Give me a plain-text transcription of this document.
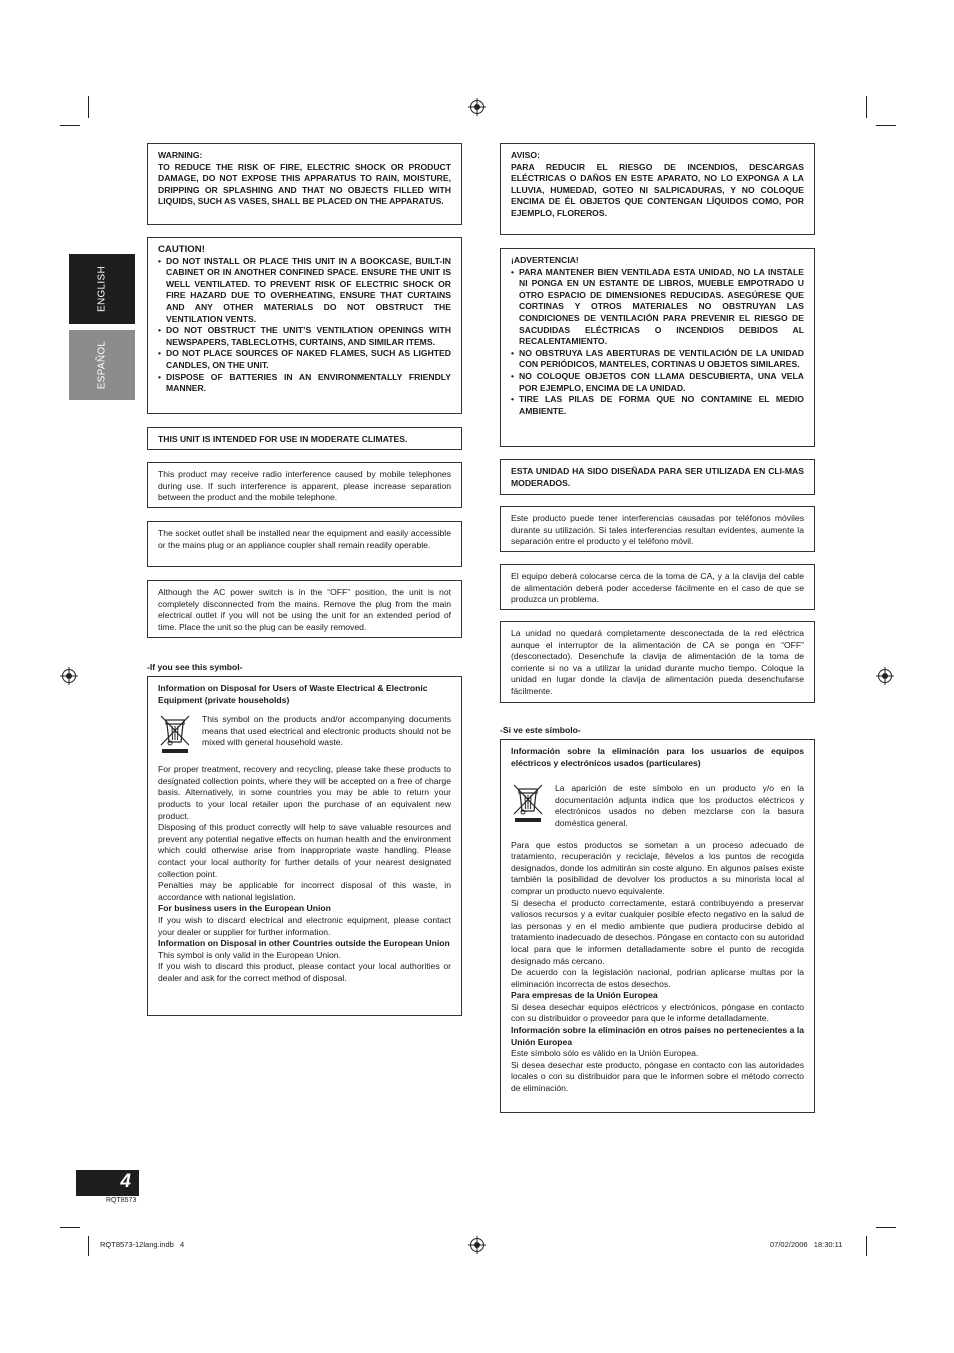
ENGLISH
ESPAÑOL

WARNING:

TO REDUCE THE RISK OF FIRE, ELECTRIC SHOCK OR PRODUCT DAMAGE, DO NOT EXPOSE THIS APPARATUS TO RAIN, MOISTURE, DRIPPING OR SPLASHING AND THAT NO OBJECTS FILLED WITH LIQUIDS, SUCH AS VASES, SHALL BE PLACED ON THE APPARATUS.

CAUTION!

• DO NOT INSTALL OR PLACE THIS UNIT IN A BOOKCASE, BUILT-IN CABINET OR IN ANOTHER CONFINED SPACE. ENSURE THE UNIT IS WELL VENTILATED. TO PREVENT RISK OF ELECTRIC SHOCK OR FIRE HAZARD DUE TO OVERHEATING, ENSURE THAT CURTAINS AND ANY OTHER MATERIALS DO NOT OBSTRUCT THE VENTILATION VENTS.
• DO NOT OBSTRUCT THE UNIT’S VENTILATION OPENINGS WITH NEWSPAPERS, TABLECLOTHS, CURTAINS, AND SIMILAR ITEMS.
• DO NOT PLACE SOURCES OF NAKED FLAMES, SUCH AS LIGHTED CANDLES, ON THE UNIT.
• DISPOSE OF BATTERIES IN AN ENVIRONMENTALLY FRIENDLY MANNER.

THIS UNIT IS INTENDED FOR USE IN MODERATE CLIMATES.

This product may receive radio interference caused by mobile telephones during use. If such interference is apparent, please increase separation between the product and the mobile telephone.

The socket outlet shall be installed near the equipment and easily accessible or the mains plug or an appliance coupler shall remain readily operable.

Although the AC power switch is in the “OFF” position, the unit is not completely disconnected from the mains. Remove the plug from the main electrical outlet if you will not be using the unit for an extended period of time. Place the unit so the plug can be easily removed.

-If you see this symbol-

Information on Disposal for Users of Waste Electrical & Electronic Equipment (private households)

This symbol on the products and/or accompanying documents means that used electrical and electronic products should not be mixed with general household waste.

For proper treatment, recovery and recycling, please take these products to designated collection points, where they will be accepted on a free of charge basis. Alternatively, in some countries you may be able to return your products to your local retailer upon the purchase of an equivalent new product.

Disposing of this product correctly will help to save valuable resources and prevent any potential negative effects on human health and the environment which could otherwise arise from inappropriate waste handling. Please contact your local authority for further details of your nearest designated collection point.

Penalties may be applicable for incorrect disposal of this waste, in accordance with national legislation.

For business users in the European Union

If you wish to discard electrical and electronic equipment, please contact your dealer or supplier for further information.

Information on Disposal in other Countries outside the European Union

This symbol is only valid in the European Union.

If you wish to discard this product, please contact your local authorities or dealer and ask for the correct method of disposal.

AVISO:

PARA REDUCIR EL RIESGO DE INCENDIOS, DESCARGAS ELÉCTRICAS O DAÑOS EN ESTE APARATO, NO LO EXPONGA A LA LLUVIA, HUMEDAD, GOTEO NI SALPICADURAS, Y NO COLOQUE ENCIMA DE ÉL OBJETOS QUE CONTENGAN LÍQUIDOS COMO, POR EJEMPLO, FLOREROS.

¡ADVERTENCIA!

• PARA MANTENER BIEN VENTILADA ESTA UNIDAD, NO LA INSTALE NI PONGA EN UN ESTANTE DE LIBROS, MUEBLE EMPOTRADO U OTRO ESPACIO DE DIMENSIONES REDUCIDAS. ASEGÚRESE QUE CORTINAS Y OTROS MATERIALES NO OBSTRUYAN LAS CONDICIONES DE VENTILACIÓN PARA PREVENIR EL RIESGO DE SACUDIDAS ELÉCTRICAS O INCENDIOS DEBIDOS AL RECALENTAMIENTO.
• NO OBSTRUYA LAS ABERTURAS DE VENTILACIÓN DE LA UNIDAD CON PERIÓDICOS, MANTELES, CORTINAS U OBJETOS SIMILARES.
• NO COLOQUE OBJETOS CON LLAMA DESCUBIERTA, UNA VELA POR EJEMPLO, ENCIMA DE LA UNIDAD.
• TIRE LAS PILAS DE FORMA QUE NO CONTAMINE EL MEDIO AMBIENTE.

ESTA UNIDAD HA SIDO DISEÑADA PARA SER UTILIZADA EN CLI-MAS MODERADOS.

Este producto puede tener interferencias causadas por teléfonos móviles durante su utilización. Si tales interferencias resultan evidentes, aumente la separación entre el producto y el teléfono móvil.

El equipo deberá colocarse cerca de la toma de CA, y a la clavija del cable de alimentación deberá poder accederse fácilmente en el caso de que se produzca un problema.

La unidad no quedará completamente desconectada de la red eléctrica aunque el interruptor de la alimentación de CA se ponga en “OFF” (desconectado). Desenchufe la clavija de alimentación de la toma de corriente si no va a utilizar la unidad durante mucho tiempo. Coloque la unidad en lugar donde la clavija de alimentación pueda desenchufarse fácilmente.

-Si ve este símbolo-

Información sobre la eliminación para los usuarios de equipos eléctricos y electrónicos usados (particulares)

La aparición de este símbolo en un producto y/o en la documentación adjunta indica que los productos eléctricos y electrónicos usados no deben mezclarse con la basura doméstica general.

Para que estos productos se sometan a un proceso adecuado de tratamiento, recuperación y reciclaje, llévelos a los puntos de recogida designados, donde los admitirán sin coste alguno. En algunos países existe también la posibilidad de devolver los productos a su minorista local al comprar un producto nuevo equivalente.

Si desecha el producto correctamente, estará contribuyendo a preservar valiosos recursos y a evitar cualquier posible efecto negativo en la salud de las personas y en el medio ambiente que pudiera producirse debido al tratamiento inadecuado de desechos. Póngase en contacto con su autoridad local para que le informen detalladamente sobre el punto de recogida designado más cercano.

De acuerdo con la legislación nacional, podrían aplicarse multas por la eliminación incorrecta de estos desechos.

Para empresas de la Unión Europea

Si desea desechar equipos eléctricos y electrónicos, póngase en contacto con su distribuidor o proveedor para que le informe detalladamente.

Información sobre la eliminación en otros países no pertenecientes a la Unión Europea

Este símbolo sólo es válido en la Unión Europea.

Si desea desechar este producto, póngase en contacto con las autoridades locales o con su distribuidor para que le informen sobre el método correcto de eliminación.

4
RQT8573
RQT8573-12lang.indb   4	07/02/2006   18:30:11
